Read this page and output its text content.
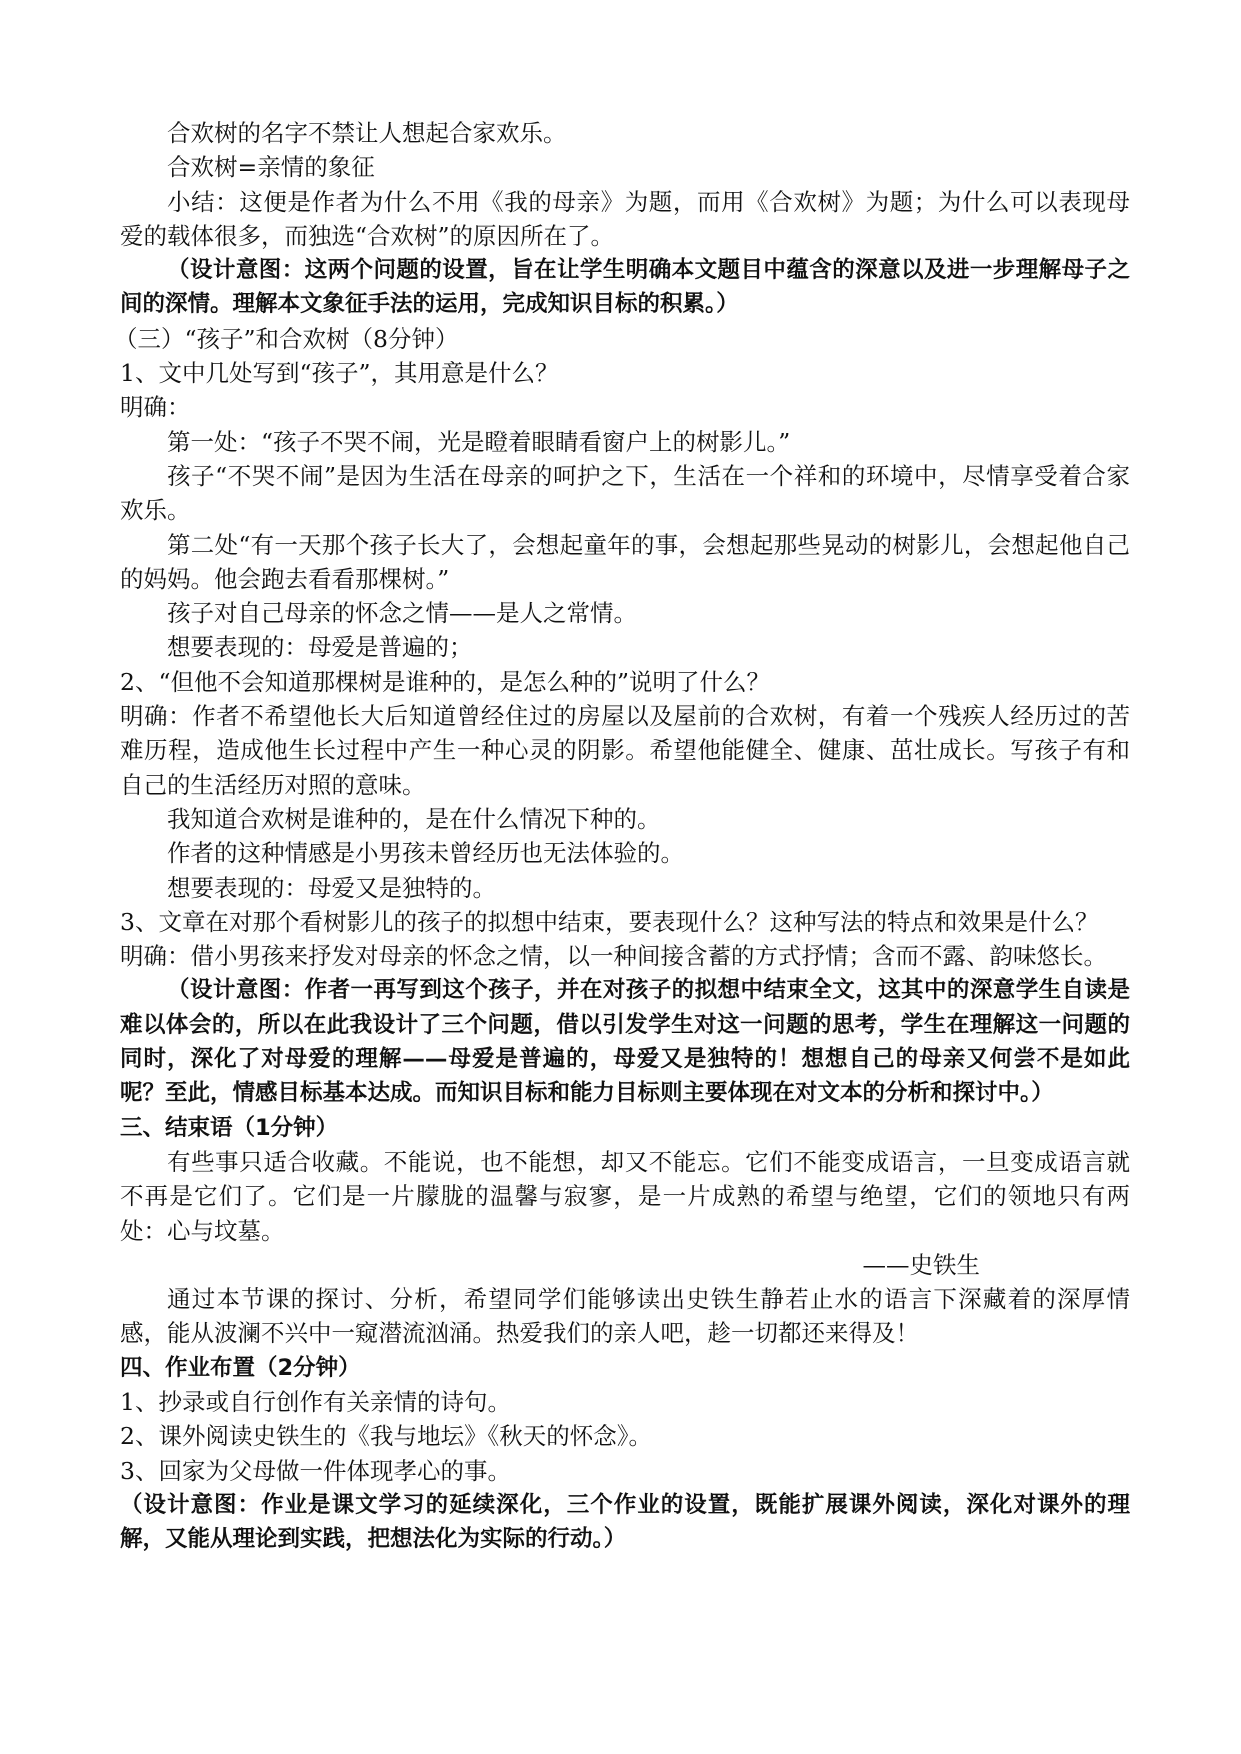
合欢树的名字不禁让人想起合家欢乐。

合欢树=亲情的象征

小结：这便是作者为什么不用《我的母亲》为题，而用《合欢树》为题；为什么可以表现母爱的载体很多，而独选“合欢树”的原因所在了。

（设计意图：这两个问题的设置，旨在让学生明确本文题目中蕴含的深意以及进一步理解母子之间的深情。理解本文象征手法的运用，完成知识目标的积累。）

（三）“孩子”和合欢树（8分钟）

1、文中几处写到“孩子”，其用意是什么？

明确：

第一处：“孩子不哭不闹，光是瞪着眼睛看窗户上的树影儿。”

孩子“不哭不闹”是因为生活在母亲的呵护之下，生活在一个祥和的环境中，尽情享受着合家欢乐。

第二处“有一天那个孩子长大了，会想起童年的事，会想起那些晃动的树影儿，会想起他自己的妈妈。他会跑去看看那棵树。”

孩子对自己母亲的怀念之情——是人之常情。

想要表现的：母爱是普遍的；

2、“但他不会知道那棵树是谁种的，是怎么种的”说明了什么？

明确：作者不希望他长大后知道曾经住过的房屋以及屋前的合欢树，有着一个残疾人经历过的苦难历程，造成他生长过程中产生一种心灵的阴影。希望他能健全、健康、茁壮成长。写孩子有和自己的生活经历对照的意味。

我知道合欢树是谁种的，是在什么情况下种的。

作者的这种情感是小男孩未曾经历也无法体验的。

想要表现的：母爱又是独特的。

3、文章在对那个看树影儿的孩子的拟想中结束，要表现什么？这种写法的特点和效果是什么？

明确：借小男孩来抒发对母亲的怀念之情，以一种间接含蓄的方式抒情；含而不露、韵味悠长。

（设计意图：作者一再写到这个孩子，并在对孩子的拟想中结束全文，这其中的深意学生自读是难以体会的，所以在此我设计了三个问题，借以引发学生对这一问题的思考，学生在理解这一问题的同时，深化了对母爱的理解——母爱是普遍的，母爱又是独特的！想想自己的母亲又何尝不是如此呢？至此，情感目标基本达成。而知识目标和能力目标则主要体现在对文本的分析和探讨中。）

三、结束语（1分钟）

有些事只适合收藏。不能说，也不能想，却又不能忘。它们不能变成语言，一旦变成语言就不再是它们了。它们是一片朦胧的温馨与寂寥，是一片成熟的希望与绝望，它们的领地只有两处：心与坟墓。

——史铁生

通过本节课的探讨、分析，希望同学们能够读出史铁生静若止水的语言下深藏着的深厚情感，能从波澜不兴中一窥潜流汹涌。热爱我们的亲人吧，趁一切都还来得及！

四、作业布置（2分钟）

1、抄录或自行创作有关亲情的诗句。

2、课外阅读史铁生的《我与地坛》《秋天的怀念》。

3、回家为父母做一件体现孝心的事。

（设计意图：作业是课文学习的延续深化，三个作业的设置，既能扩展课外阅读，深化对课外的理解，又能从理论到实践，把想法化为实际的行动。）
